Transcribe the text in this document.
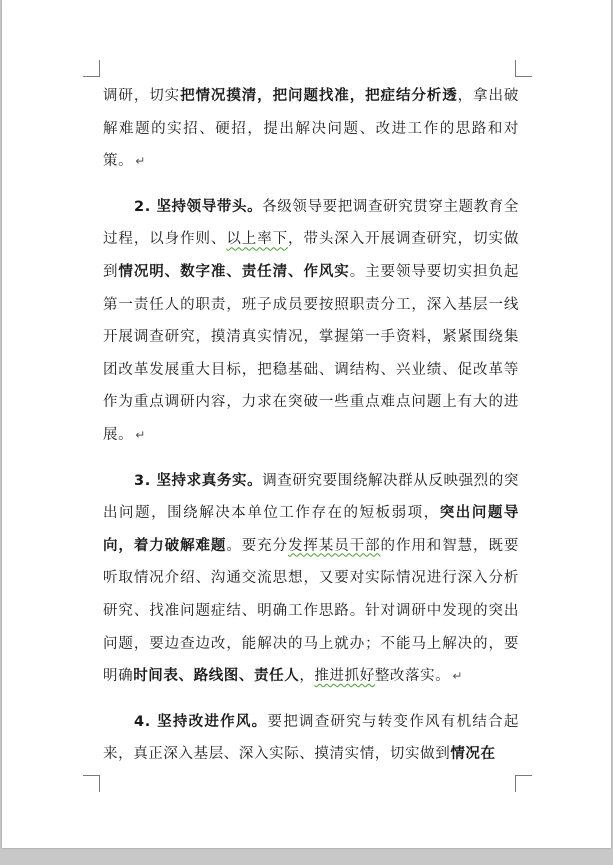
调研，切实把情况摸清，把问题找准，把症结分析透，拿出破解难题的实招、硬招，提出解决问题、改进工作的思路和对策。 ↵

2. 坚持领导带头。各级领导要把调查研究贯穿主题教育全过程，以身作则、以上率下，带头深入开展调查研究，切实做到情况明、数字准、责任清、作风实。主要领导要切实担负起第一责任人的职责，班子成员要按照职责分工，深入基层一线开展调查研究，摸清真实情况，掌握第一手资料，紧紧围绕集团改革发展重大目标，把稳基础、调结构、兴业绩、促改革等作为重点调研内容，力求在突破一些重点难点问题上有大的进展。 ↵

3. 坚持求真务实。调查研究要围绕解决群从反映强烈的突出问题，围绕解决本单位工作存在的短板弱项，突出问题导向，着力破解难题。要充分发挥某员干部的作用和智慧，既要听取情况介绍、沟通交流思想，又要对实际情况进行深入分析研究、找准问题症结、明确工作思路。针对调研中发现的突出问题，要边查边改，能解决的马上就办；不能马上解决的，要明确时间表、路线图、责任人，推进抓好整改落实。 ↵

4. 坚持改进作风。要把调查研究与转变作风有机结合起来，真正深入基层、深入实际、摸清实情，切实做到情况在
